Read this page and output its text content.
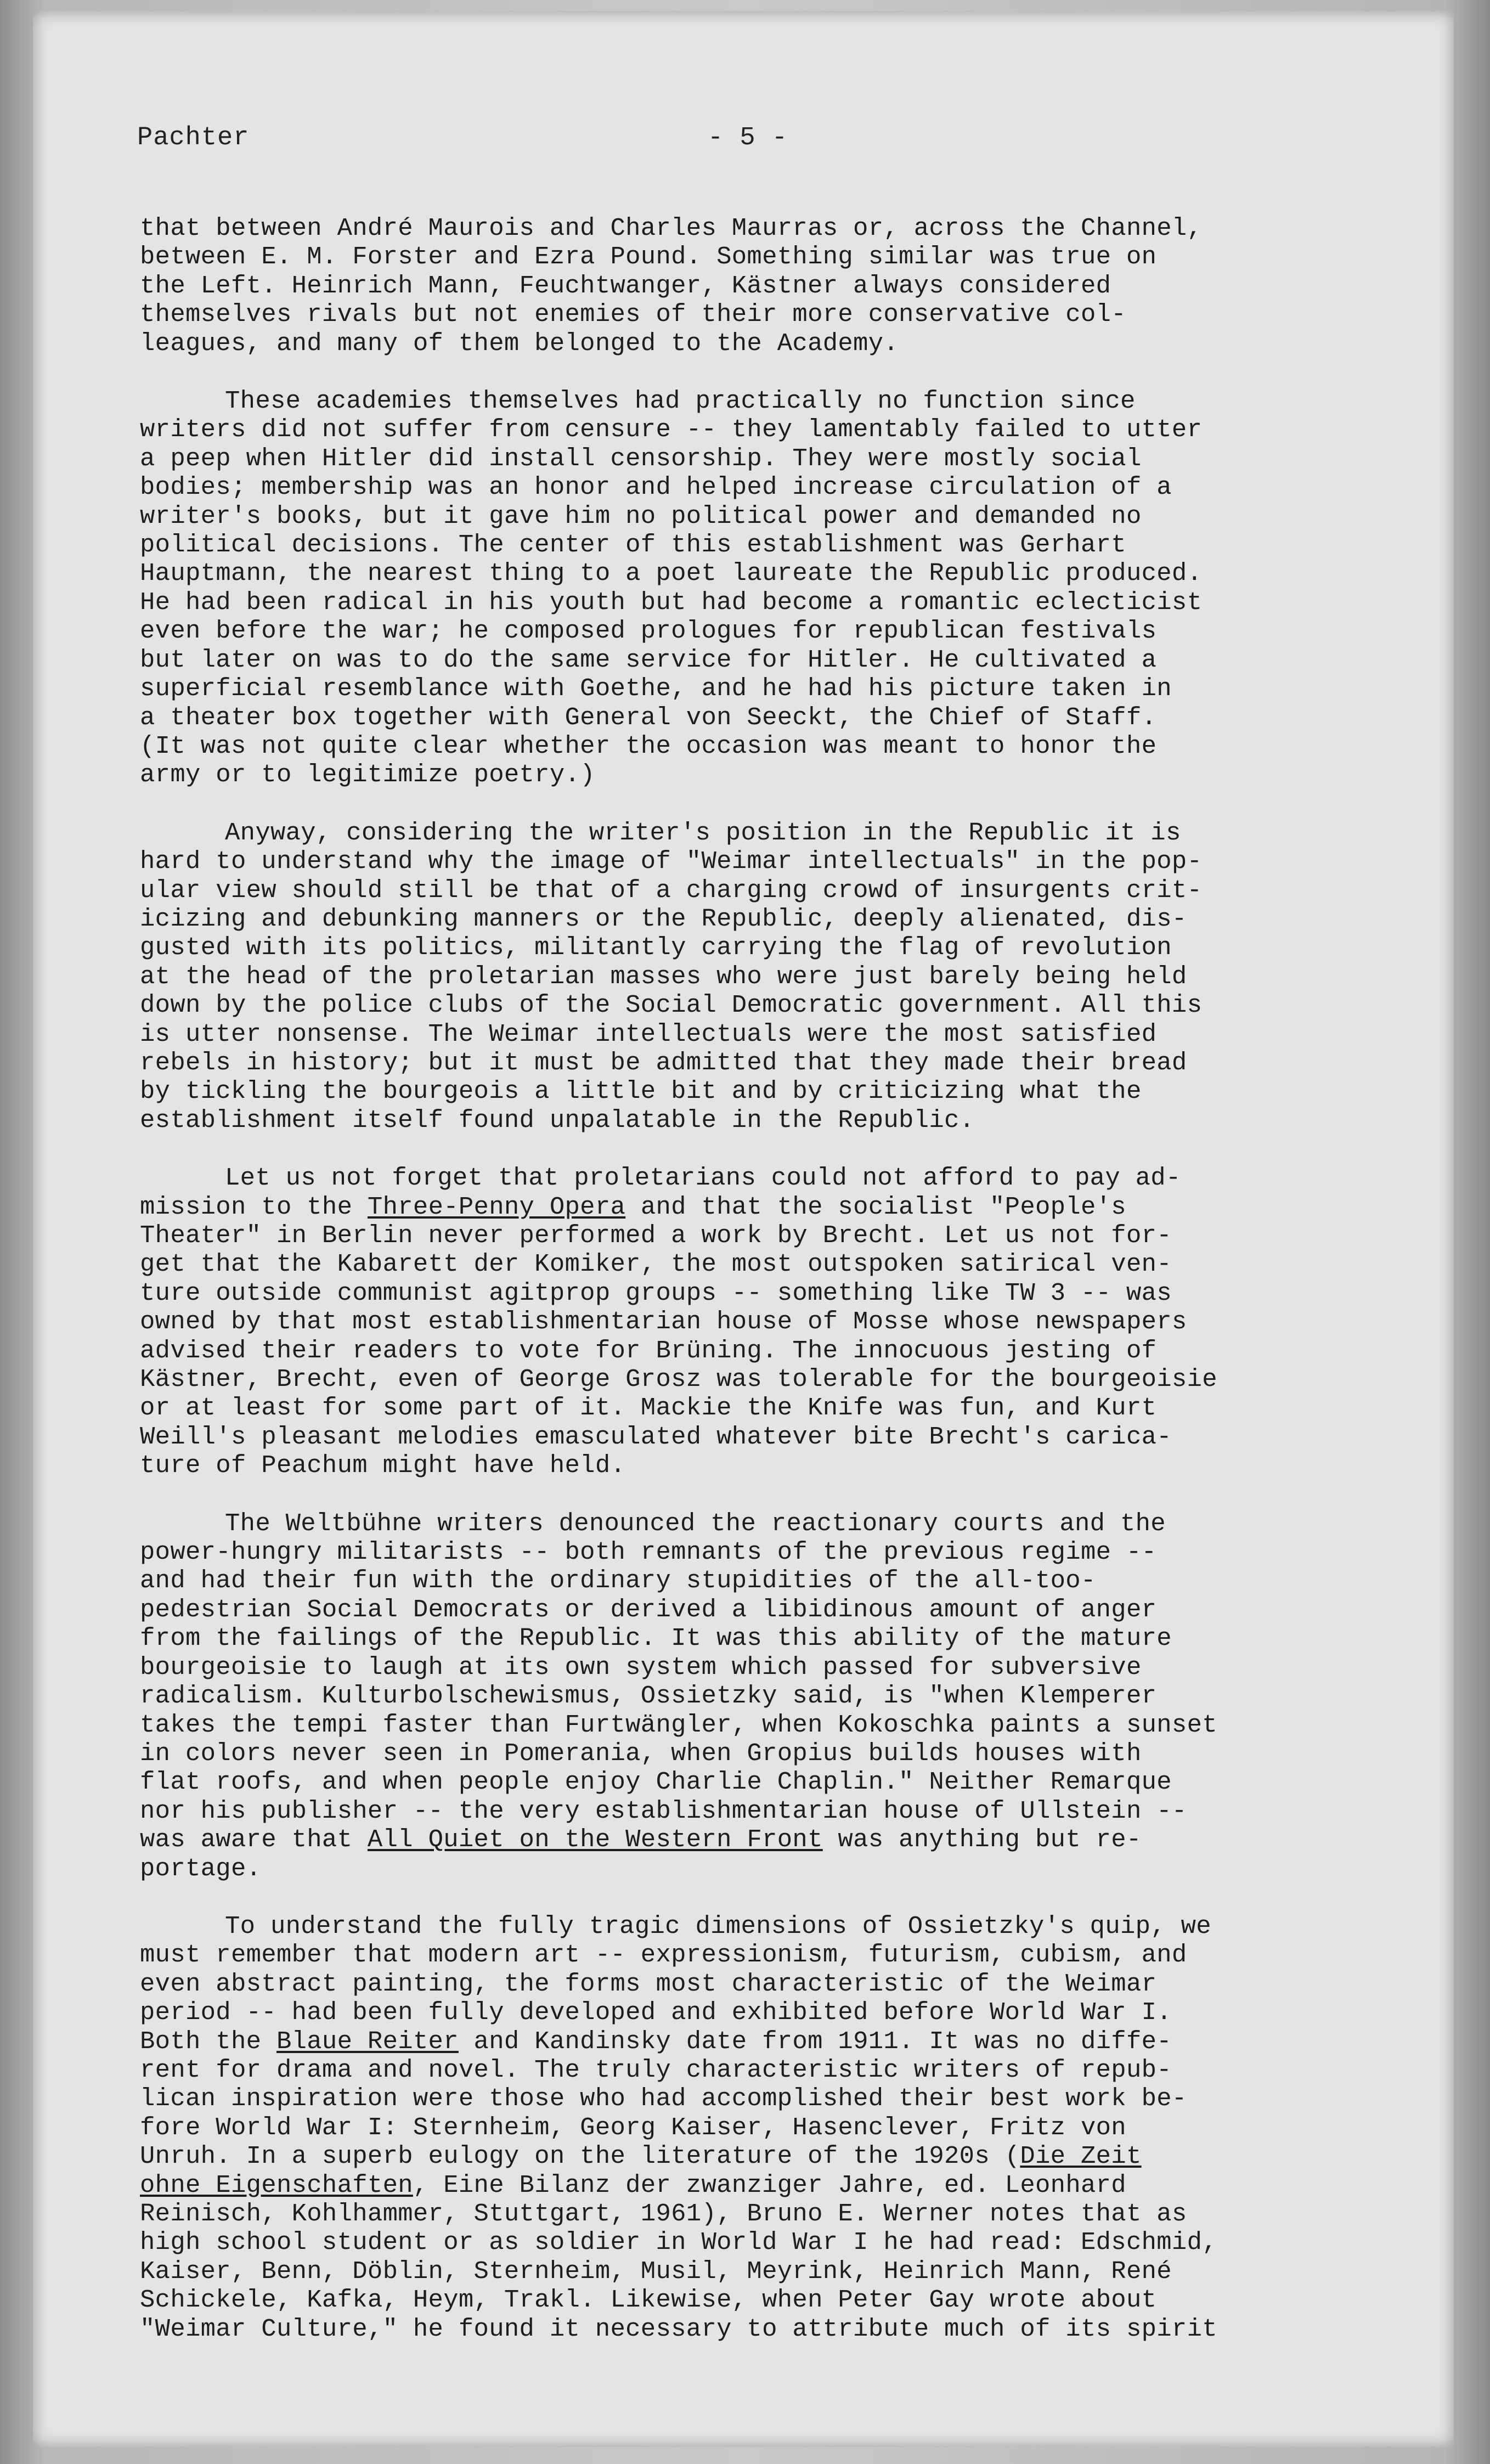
Pachter	- 5 -
that between André Maurois and Charles Maurras or, across the Channel,
between E. M. Forster and Ezra Pound. Something similar was true on
the Left. Heinrich Mann, Feuchtwanger, Kästner always considered
themselves rivals but not enemies of their more conservative col-
leagues, and many of them belonged to the Academy.
These academies themselves had practically no function since
writers did not suffer from censure -- they lamentably failed to utter
a peep when Hitler did install censorship. They were mostly social
bodies; membership was an honor and helped increase circulation of a
writer's books, but it gave him no political power and demanded no
political decisions. The center of this establishment was Gerhart
Hauptmann, the nearest thing to a poet laureate the Republic produced.
He had been radical in his youth but had become a romantic eclecticist
even before the war; he composed prologues for republican festivals
but later on was to do the same service for Hitler. He cultivated a
superficial resemblance with Goethe, and he had his picture taken in
a theater box together with General von Seeckt, the Chief of Staff.
(It was not quite clear whether the occasion was meant to honor the
army or to legitimize poetry.)
Anyway, considering the writer's position in the Republic it is
hard to understand why the image of "Weimar intellectuals" in the pop-
ular view should still be that of a charging crowd of insurgents crit-
icizing and debunking manners or the Republic, deeply alienated, dis-
gusted with its politics, militantly carrying the flag of revolution
at the head of the proletarian masses who were just barely being held
down by the police clubs of the Social Democratic government. All this
is utter nonsense. The Weimar intellectuals were the most satisfied
rebels in history; but it must be admitted that they made their bread
by tickling the bourgeois a little bit and by criticizing what the
establishment itself found unpalatable in the Republic.
Let us not forget that proletarians could not afford to pay ad-
mission to the Three-Penny Opera and that the socialist "People's
Theater" in Berlin never performed a work by Brecht. Let us not for-
get that the Kabarett der Komiker, the most outspoken satirical ven-
ture outside communist agitprop groups -- something like TW 3 -- was
owned by that most establishmentarian house of Mosse whose newspapers
advised their readers to vote for Brüning. The innocuous jesting of
Kästner, Brecht, even of George Grosz was tolerable for the bourgeoisie
or at least for some part of it. Mackie the Knife was fun, and Kurt
Weill's pleasant melodies emasculated whatever bite Brecht's carica-
ture of Peachum might have held.
The Weltbühne writers denounced the reactionary courts and the
power-hungry militarists -- both remnants of the previous regime --
and had their fun with the ordinary stupidities of the all-too-
pedestrian Social Democrats or derived a libidinous amount of anger
from the failings of the Republic. It was this ability of the mature
bourgeoisie to laugh at its own system which passed for subversive
radicalism. Kulturbolschewismus, Ossietzky said, is "when Klemperer
takes the tempi faster than Furtwängler, when Kokoschka paints a sunset
in colors never seen in Pomerania, when Gropius builds houses with
flat roofs, and when people enjoy Charlie Chaplin." Neither Remarque
nor his publisher -- the very establishmentarian house of Ullstein --
was aware that All Quiet on the Western Front was anything but re-
portage.
To understand the fully tragic dimensions of Ossietzky's quip, we
must remember that modern art -- expressionism, futurism, cubism, and
even abstract painting, the forms most characteristic of the Weimar
period -- had been fully developed and exhibited before World War I.
Both the Blaue Reiter and Kandinsky date from 1911. It was no diffe-
rent for drama and novel. The truly characteristic writers of repub-
lican inspiration were those who had accomplished their best work be-
fore World War I: Sternheim, Georg Kaiser, Hasenclever, Fritz von
Unruh. In a superb eulogy on the literature of the 1920s (Die Zeit
ohne Eigenschaften, Eine Bilanz der zwanziger Jahre, ed. Leonhard
Reinisch, Kohlhammer, Stuttgart, 1961), Bruno E. Werner notes that as
high school student or as soldier in World War I he had read: Edschmid,
Kaiser, Benn, Döblin, Sternheim, Musil, Meyrink, Heinrich Mann, René
Schickele, Kafka, Heym, Trakl. Likewise, when Peter Gay wrote about
"Weimar Culture," he found it necessary to attribute much of its spirit
